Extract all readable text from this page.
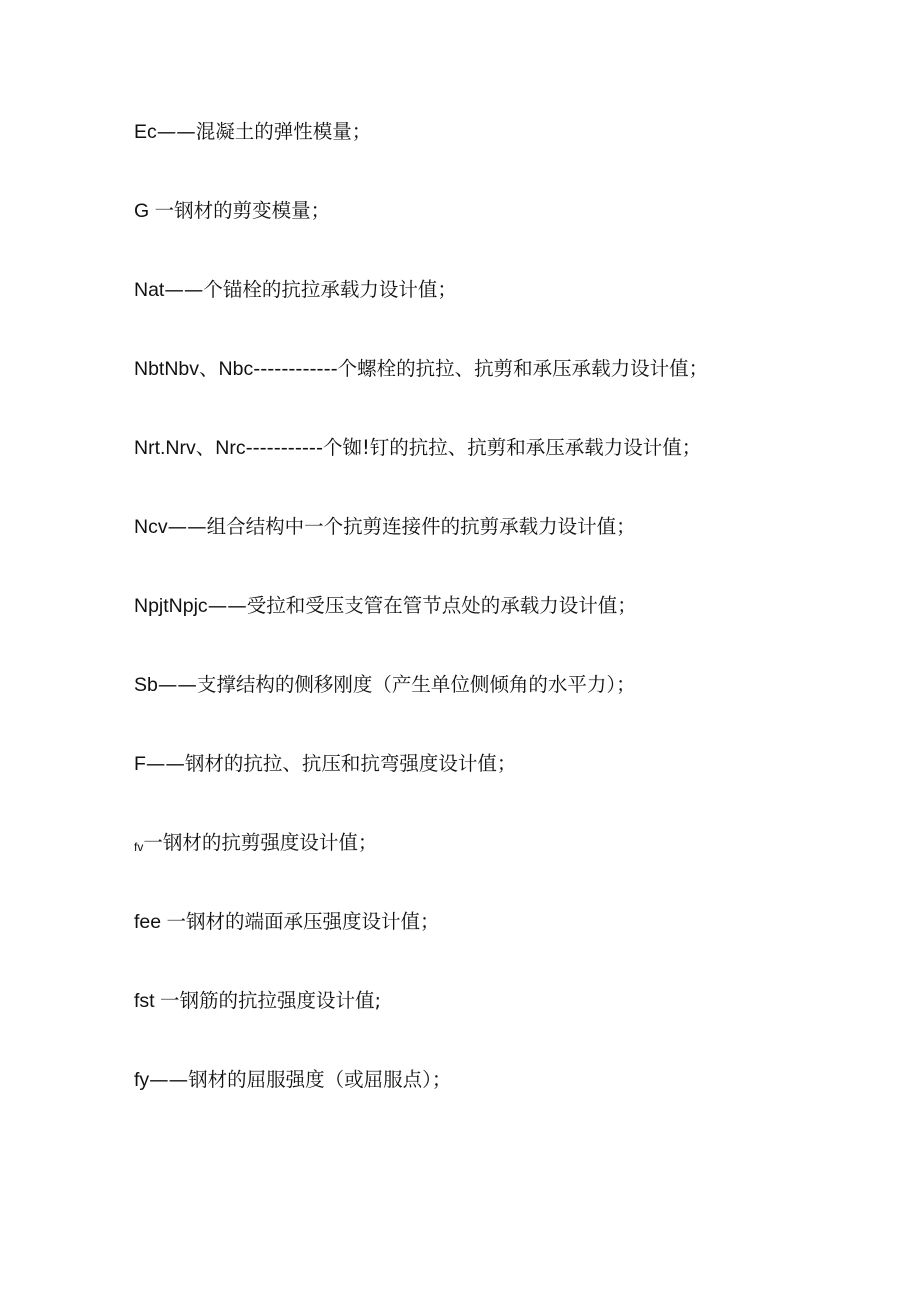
Ec——混凝土的弹性模量；
G 一钢材的剪变模量；
Nat——个锚栓的抗拉承载力设计值；
NbtNbv、Nbc------------个螺栓的抗拉、抗剪和承压承载力设计值；
Nrt.Nrv、Nrc-----------个铷!钉的抗拉、抗剪和承压承载力设计值；
Ncv——组合结构中一个抗剪连接件的抗剪承载力设计值；
NpjtNpjc——受拉和受压支管在管节点处的承载力设计值；
Sb——支撑结构的侧移刚度（产生单位侧倾角的水平力）；
F——钢材的抗拉、抗压和抗弯强度设计值；
fv一钢材的抗剪强度设计值；
fee 一钢材的端面承压强度设计值；
fst 一钢筋的抗拉强度设计值;
fy——钢材的屈服强度（或屈服点）；
